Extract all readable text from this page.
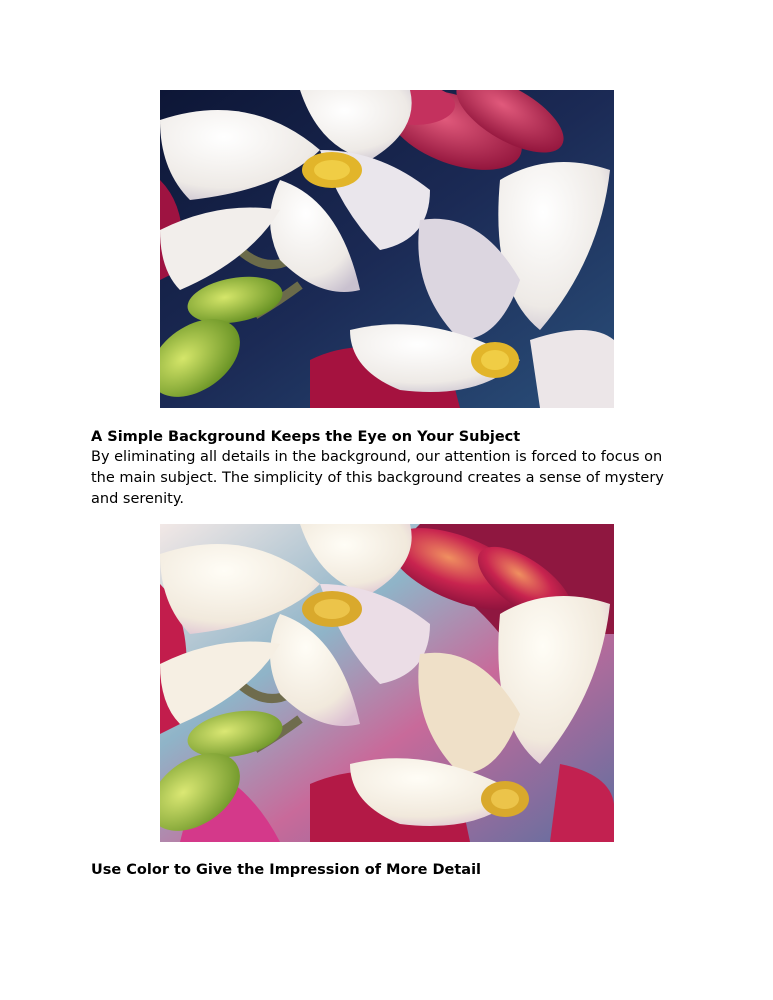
A Simple Background Keeps the Eye on Your Subject
By eliminating all details in the background, our attention is forced to focus on the main subject. The simplicity of this background creates a sense of mystery and serenity.
Use Color to Give the Impression of More Detail
